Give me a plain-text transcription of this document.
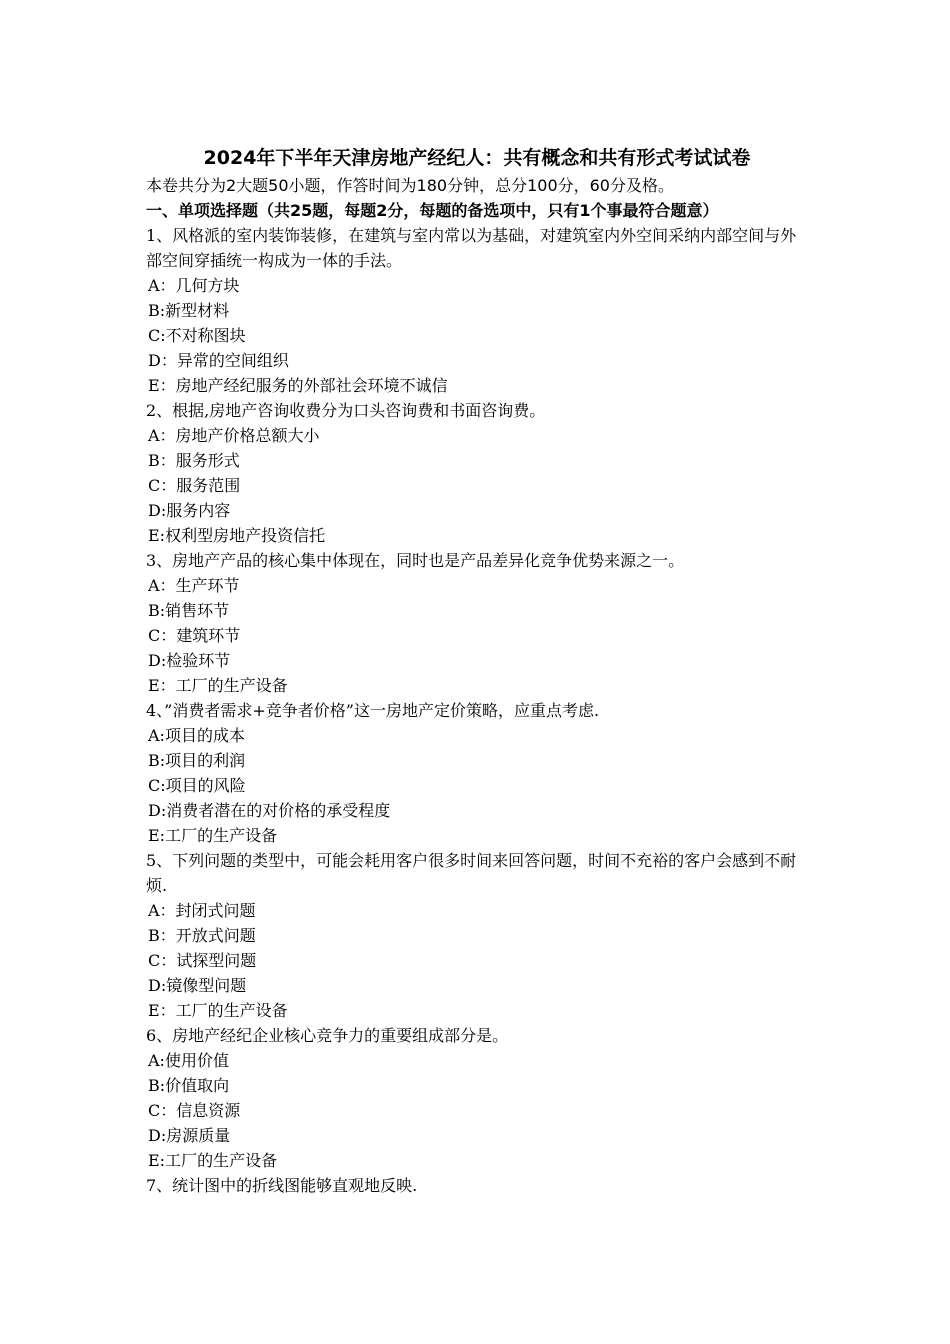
2024年下半年天津房地产经纪人：共有概念和共有形式考试试卷
本卷共分为2大题50小题，作答时间为180分钟，总分100分，60分及格。
一、单项选择题（共25题，每题2分，每题的备选项中，只有1个事最符合题意）
1、风格派的室内装饰装修，在建筑与室内常以为基础，对建筑室内外空间采纳内部空间与外部空间穿插统一构成为一体的手法。
A：几何方块
B:新型材料
C:不对称图块
D：异常的空间组织
E：房地产经纪服务的外部社会环境不诚信
2、根据,房地产咨询收费分为口头咨询费和书面咨询费。
A：房地产价格总额大小
B：服务形式
C：服务范围
D:服务内容
E:权利型房地产投资信托
3、房地产产品的核心集中体现在，同时也是产品差异化竞争优势来源之一。
A：生产环节
B:销售环节
C：建筑环节
D:检验环节
E：工厂的生产设备
4、”消费者需求+竞争者价格”这一房地产定价策略，应重点考虑.
A:项目的成本
B:项目的利润
C:项目的风险
D:消费者潜在的对价格的承受程度
E:工厂的生产设备
5、下列问题的类型中，可能会耗用客户很多时间来回答问题，时间不充裕的客户会感到不耐烦.
A：封闭式问题
B：开放式问题
C：试探型问题
D:镜像型问题
E：工厂的生产设备
6、房地产经纪企业核心竞争力的重要组成部分是。
A:使用价值
B:价值取向
C：信息资源
D:房源质量
E:工厂的生产设备
7、统计图中的折线图能够直观地反映.
